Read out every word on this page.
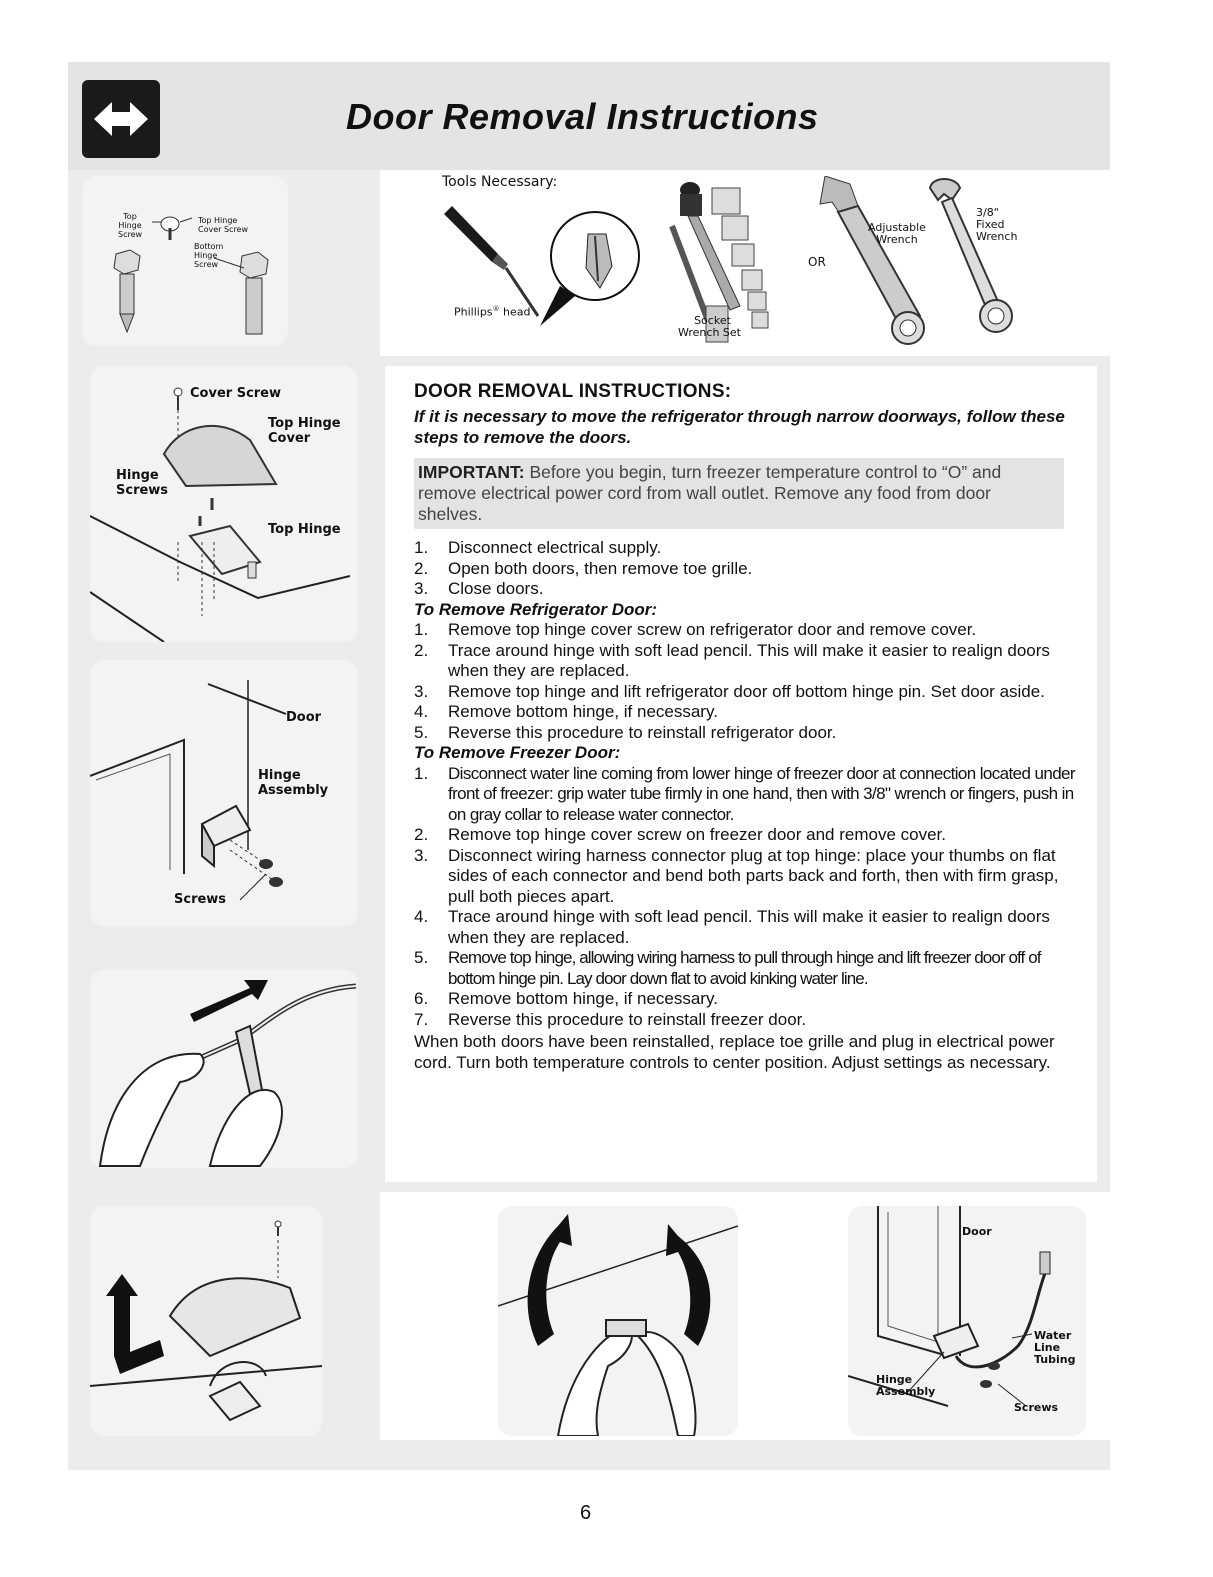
Door Removal Instructions
Tools Necessary:
Phillips® head
Socket
Wrench Set
OR
Adjustable
Wrench
3/8"
Fixed
Wrench
Top
Hinge
Screw
Top Hinge
Cover Screw
Bottom
Hinge
Screw
Cover Screw
Top Hinge
Cover
Hinge
Screws
Top Hinge
Door
Hinge
Assembly
Screws
DOOR REMOVAL INSTRUCTIONS:
If it is necessary to move the refrigerator through narrow doorways, follow these steps to remove the doors.
IMPORTANT: Before you begin, turn freezer temperature control to “O” and remove electrical power cord from wall outlet. Remove any food from door shelves.
1. Disconnect electrical supply.
2. Open both doors, then remove toe grille.
3. Close doors.
To Remove Refrigerator Door:
1. Remove top hinge cover screw on refrigerator door and remove cover.
2. Trace around hinge with soft lead pencil. This will make it easier to realign doors when they are replaced.
3. Remove top hinge and lift refrigerator door off bottom hinge pin. Set door aside.
4. Remove bottom hinge, if necessary.
5. Reverse this procedure to reinstall refrigerator door.
To Remove Freezer Door:
1. Disconnect water line coming from lower hinge of freezer door at connection located under front of freezer: grip water tube firmly in one hand, then with 3/8" wrench or fingers, push in on gray collar to release water connector.
2. Remove top hinge cover screw on freezer door and remove cover.
3. Disconnect wiring harness connector plug at top hinge: place your thumbs on flat sides of each connector and bend both parts back and forth, then with firm grasp, pull both pieces apart.
4. Trace around hinge with soft lead pencil. This will make it easier to realign doors when they are replaced.
5. Remove top hinge, allowing wiring harness to pull through hinge and lift freezer door off of bottom hinge pin. Lay door down flat to avoid kinking water line.
6. Remove bottom hinge, if necessary.
7. Reverse this procedure to reinstall freezer door.
When both doors have been reinstalled, replace toe grille and plug in electrical power cord. Turn both temperature controls to center position. Adjust settings as necessary.
Door
Water
Line
Tubing
Hinge
Assembly
Screws
6
